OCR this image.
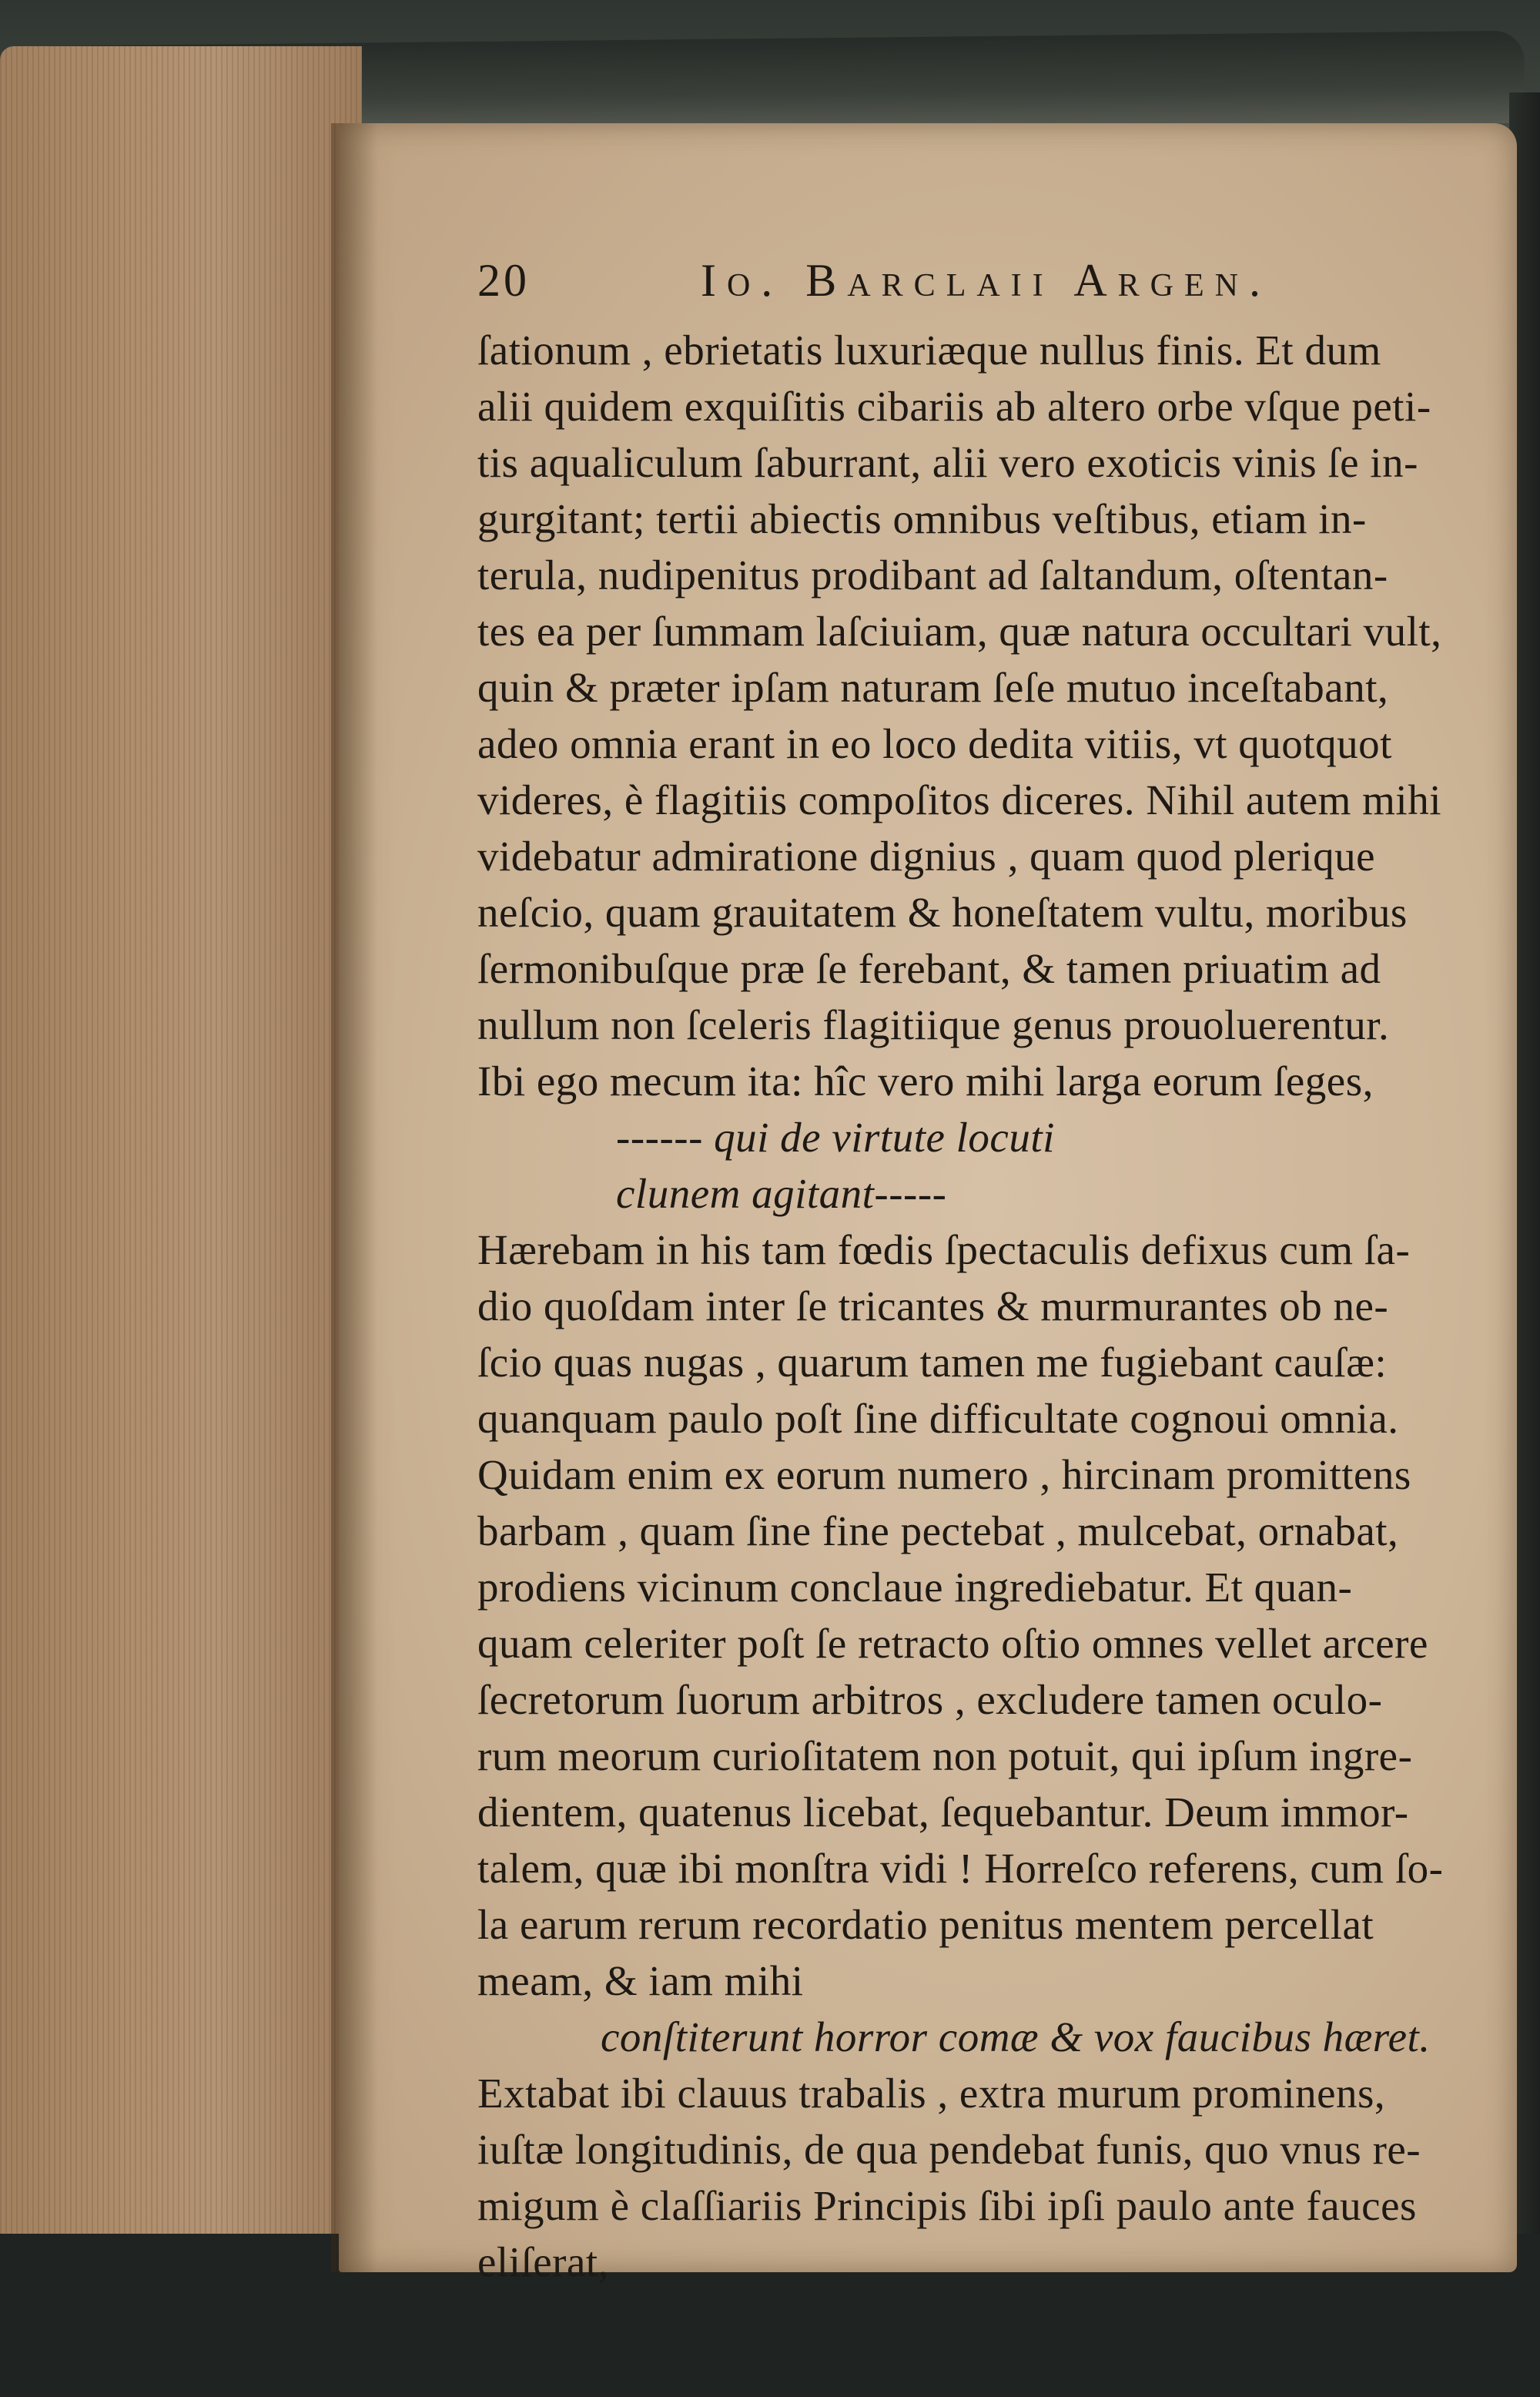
20	Io. Barclaii Argen.
ſationum , ebrietatis luxuriæque nullus finis. Et dum
alii quidem exquiſitis cibariis ab altero orbe vſque peti-
tis aqualiculum ſaburrant, alii vero exoticis vinis ſe in-
gurgitant; tertii abiectis omnibus veſtibus, etiam in-
terula, nudipenitus prodibant ad ſaltandum, oſtentan-
tes ea per ſummam laſciuiam, quæ natura occultari vult,
quin & præter ipſam naturam ſeſe mutuo inceſtabant,
adeo omnia erant in eo loco dedita vitiis, vt quotquot
videres, è flagitiis compoſitos diceres. Nihil autem mihi
videbatur admiratione dignius , quam quod plerique
neſcio, quam grauitatem & honeſtatem vultu, moribus
ſermonibuſque præ ſe ferebant, & tamen priuatim ad
nullum non ſceleris flagitiique genus prouoluerentur.
Ibi ego mecum ita: hîc vero mihi larga eorum ſeges,
------ qui de virtute locuti
clunem agitant-----
Hærebam in his tam fœdis ſpectaculis defixus cum ſa-
dio quoſdam inter ſe tricantes & murmurantes ob ne-
ſcio quas nugas , quarum tamen me fugiebant cauſæ:
quanquam paulo poſt ſine difficultate cognoui omnia.
Quidam enim ex eorum numero , hircinam promittens
barbam , quam ſine fine pectebat , mulcebat, ornabat,
prodiens vicinum conclaue ingrediebatur. Et quan-
quam celeriter poſt ſe retracto oſtio omnes vellet arcere
ſecretorum ſuorum arbitros , excludere tamen oculo-
rum meorum curioſitatem non potuit, qui ipſum ingre-
dientem, quatenus licebat, ſequebantur. Deum immor-
talem, quæ ibi monſtra vidi ! Horreſco referens, cum ſo-
la earum rerum recordatio penitus mentem percellat
meam, & iam mihi
conſtiterunt horror comæ & vox faucibus hæret.
Extabat ibi clauus trabalis , extra murum prominens,
iuſtæ longitudinis, de qua pendebat funis, quo vnus re-
migum è claſſiariis Principis ſibi ipſi paulo ante fauces
eliſerat,
